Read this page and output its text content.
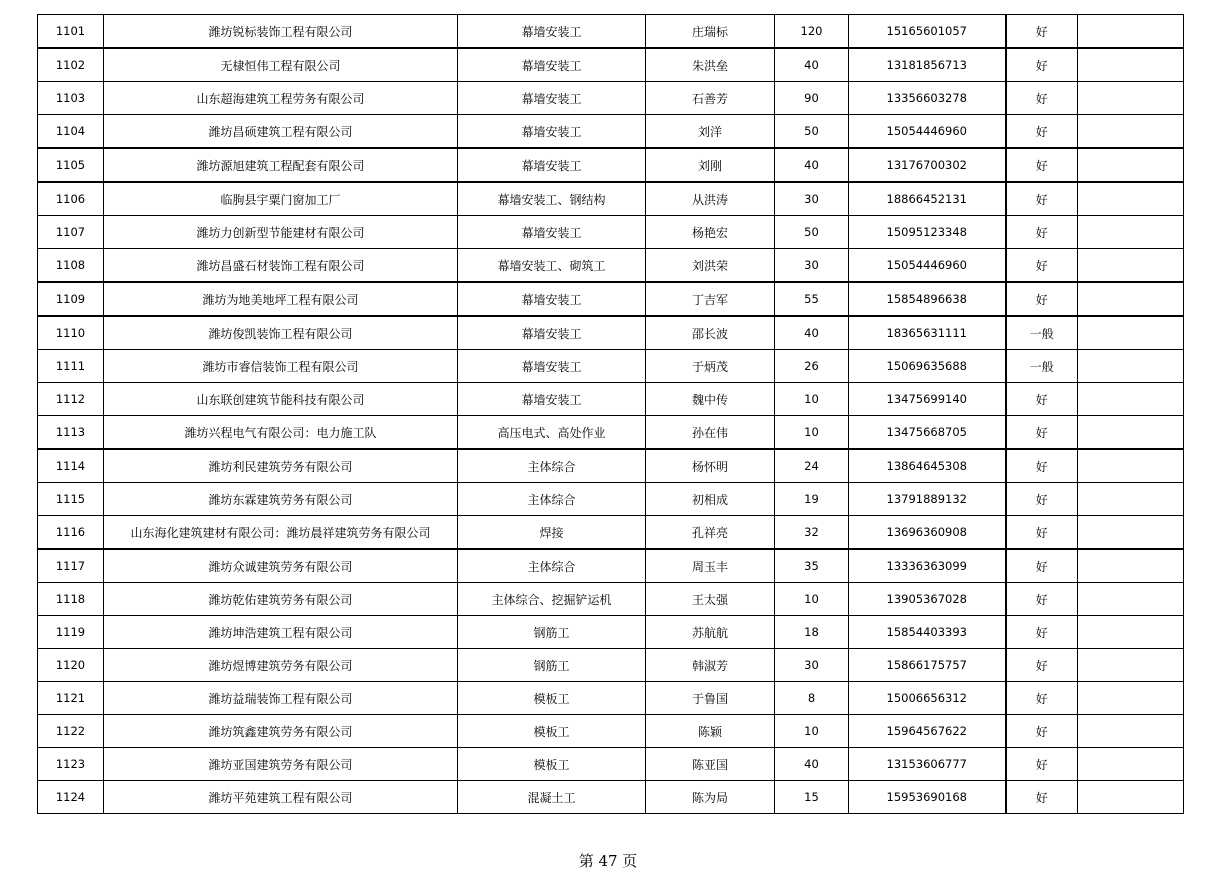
1101	潍坊锐标装饰工程有限公司	幕墙安装工	庄瑞标	120	15165601057	好	
1102	无棣恒伟工程有限公司	幕墙安装工	朱洪垒	40	13181856713	好	
1103	山东超海建筑工程劳务有限公司	幕墙安装工	石善芳	90	13356603278	好	
1104	潍坊昌硕建筑工程有限公司	幕墙安装工	刘洋	50	15054446960	好	
1105	潍坊源旭建筑工程配套有限公司	幕墙安装工	刘刚	40	13176700302	好	
1106	临朐县宇粟门窗加工厂	幕墙安装工、钢结构	从洪涛	30	18866452131	好	
1107	潍坊力创新型节能建材有限公司	幕墙安装工	杨艳宏	50	15095123348	好	
1108	潍坊昌盛石材装饰工程有限公司	幕墙安装工、砌筑工	刘洪荣	30	15054446960	好	
1109	潍坊为地美地坪工程有限公司	幕墙安装工	丁吉军	55	15854896638	好	
1110	潍坊俊凯装饰工程有限公司	幕墙安装工	邵长波	40	18365631111	一般	
1111	潍坊市睿信装饰工程有限公司	幕墙安装工	于炳茂	26	15069635688	一般	
1112	山东联创建筑节能科技有限公司	幕墙安装工	魏中传	10	13475699140	好	
1113	潍坊兴程电气有限公司：电力施工队	高压电式、高处作业	孙在伟	10	13475668705	好	
1114	潍坊利民建筑劳务有限公司	主体综合	杨怀明	24	13864645308	好	
1115	潍坊东霖建筑劳务有限公司	主体综合	初相成	19	13791889132	好	
1116	山东海化建筑建材有限公司：潍坊晨祥建筑劳务有限公司	焊接	孔祥亮	32	13696360908	好	
1117	潍坊众诚建筑劳务有限公司	主体综合	周玉丰	35	13336363099	好	
1118	潍坊乾佑建筑劳务有限公司	主体综合、挖掘铲运机	王太强	10	13905367028	好	
1119	潍坊坤浩建筑工程有限公司	钢筋工	苏航航	18	15854403393	好	
1120	潍坊煜博建筑劳务有限公司	钢筋工	韩淑芳	30	15866175757	好	
1121	潍坊益瑞装饰工程有限公司	模板工	于鲁国	8	15006656312	好	
1122	潍坊筑鑫建筑劳务有限公司	模板工	陈颖	10	15964567622	好	
1123	潍坊亚国建筑劳务有限公司	模板工	陈亚国	40	13153606777	好	
1124	潍坊平苑建筑工程有限公司	混凝土工	陈为局	15	15953690168	好	
第 47 页
